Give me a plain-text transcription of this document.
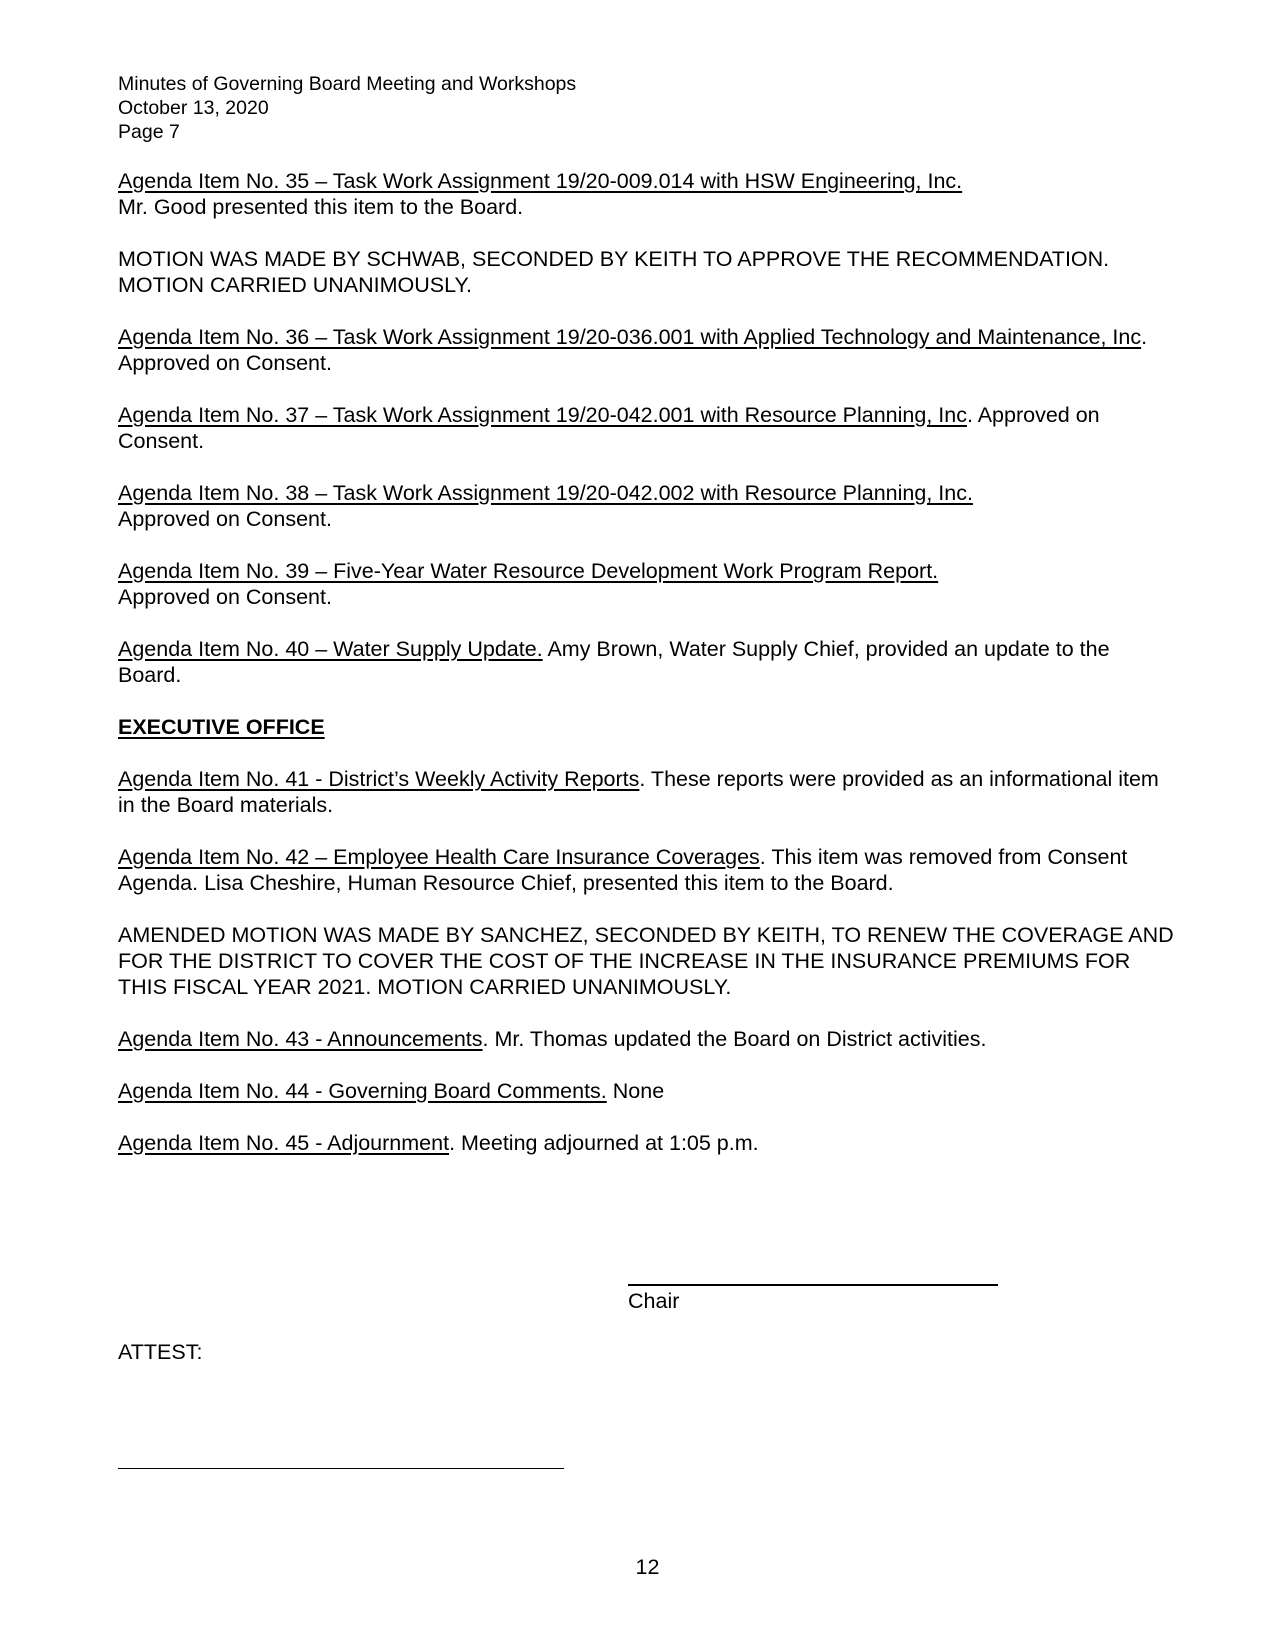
Minutes of Governing Board Meeting and Workshops
October 13, 2020
Page 7

Agenda Item No. 35 – Task Work Assignment 19/20-009.014 with HSW Engineering, Inc.
Mr. Good presented this item to the Board.

MOTION WAS MADE BY SCHWAB, SECONDED BY KEITH TO APPROVE THE RECOMMENDATION. MOTION CARRIED UNANIMOUSLY.

Agenda Item No. 36 – Task Work Assignment 19/20-036.001 with Applied Technology and Maintenance, Inc. Approved on Consent.

Agenda Item No. 37 – Task Work Assignment 19/20-042.001 with Resource Planning, Inc. Approved on Consent.

Agenda Item No. 38 – Task Work Assignment 19/20-042.002 with Resource Planning, Inc.
Approved on Consent.

Agenda Item No. 39 – Five-Year Water Resource Development Work Program Report.
Approved on Consent.

Agenda Item No. 40 – Water Supply Update. Amy Brown, Water Supply Chief, provided an update to the Board.

EXECUTIVE OFFICE

Agenda Item No. 41 - District’s Weekly Activity Reports. These reports were provided as an informational item in the Board materials.

Agenda Item No. 42 – Employee Health Care Insurance Coverages. This item was removed from Consent Agenda. Lisa Cheshire, Human Resource Chief, presented this item to the Board.

AMENDED MOTION WAS MADE BY SANCHEZ, SECONDED BY KEITH, TO RENEW THE COVERAGE AND FOR THE DISTRICT TO COVER THE COST OF THE INCREASE IN THE INSURANCE PREMIUMS FOR THIS FISCAL YEAR 2021. MOTION CARRIED UNANIMOUSLY.

Agenda Item No. 43 - Announcements. Mr. Thomas updated the Board on District activities.

Agenda Item No. 44 - Governing Board Comments. None

Agenda Item No. 45 - Adjournment. Meeting adjourned at 1:05 p.m.

Chair
ATTEST:
12
